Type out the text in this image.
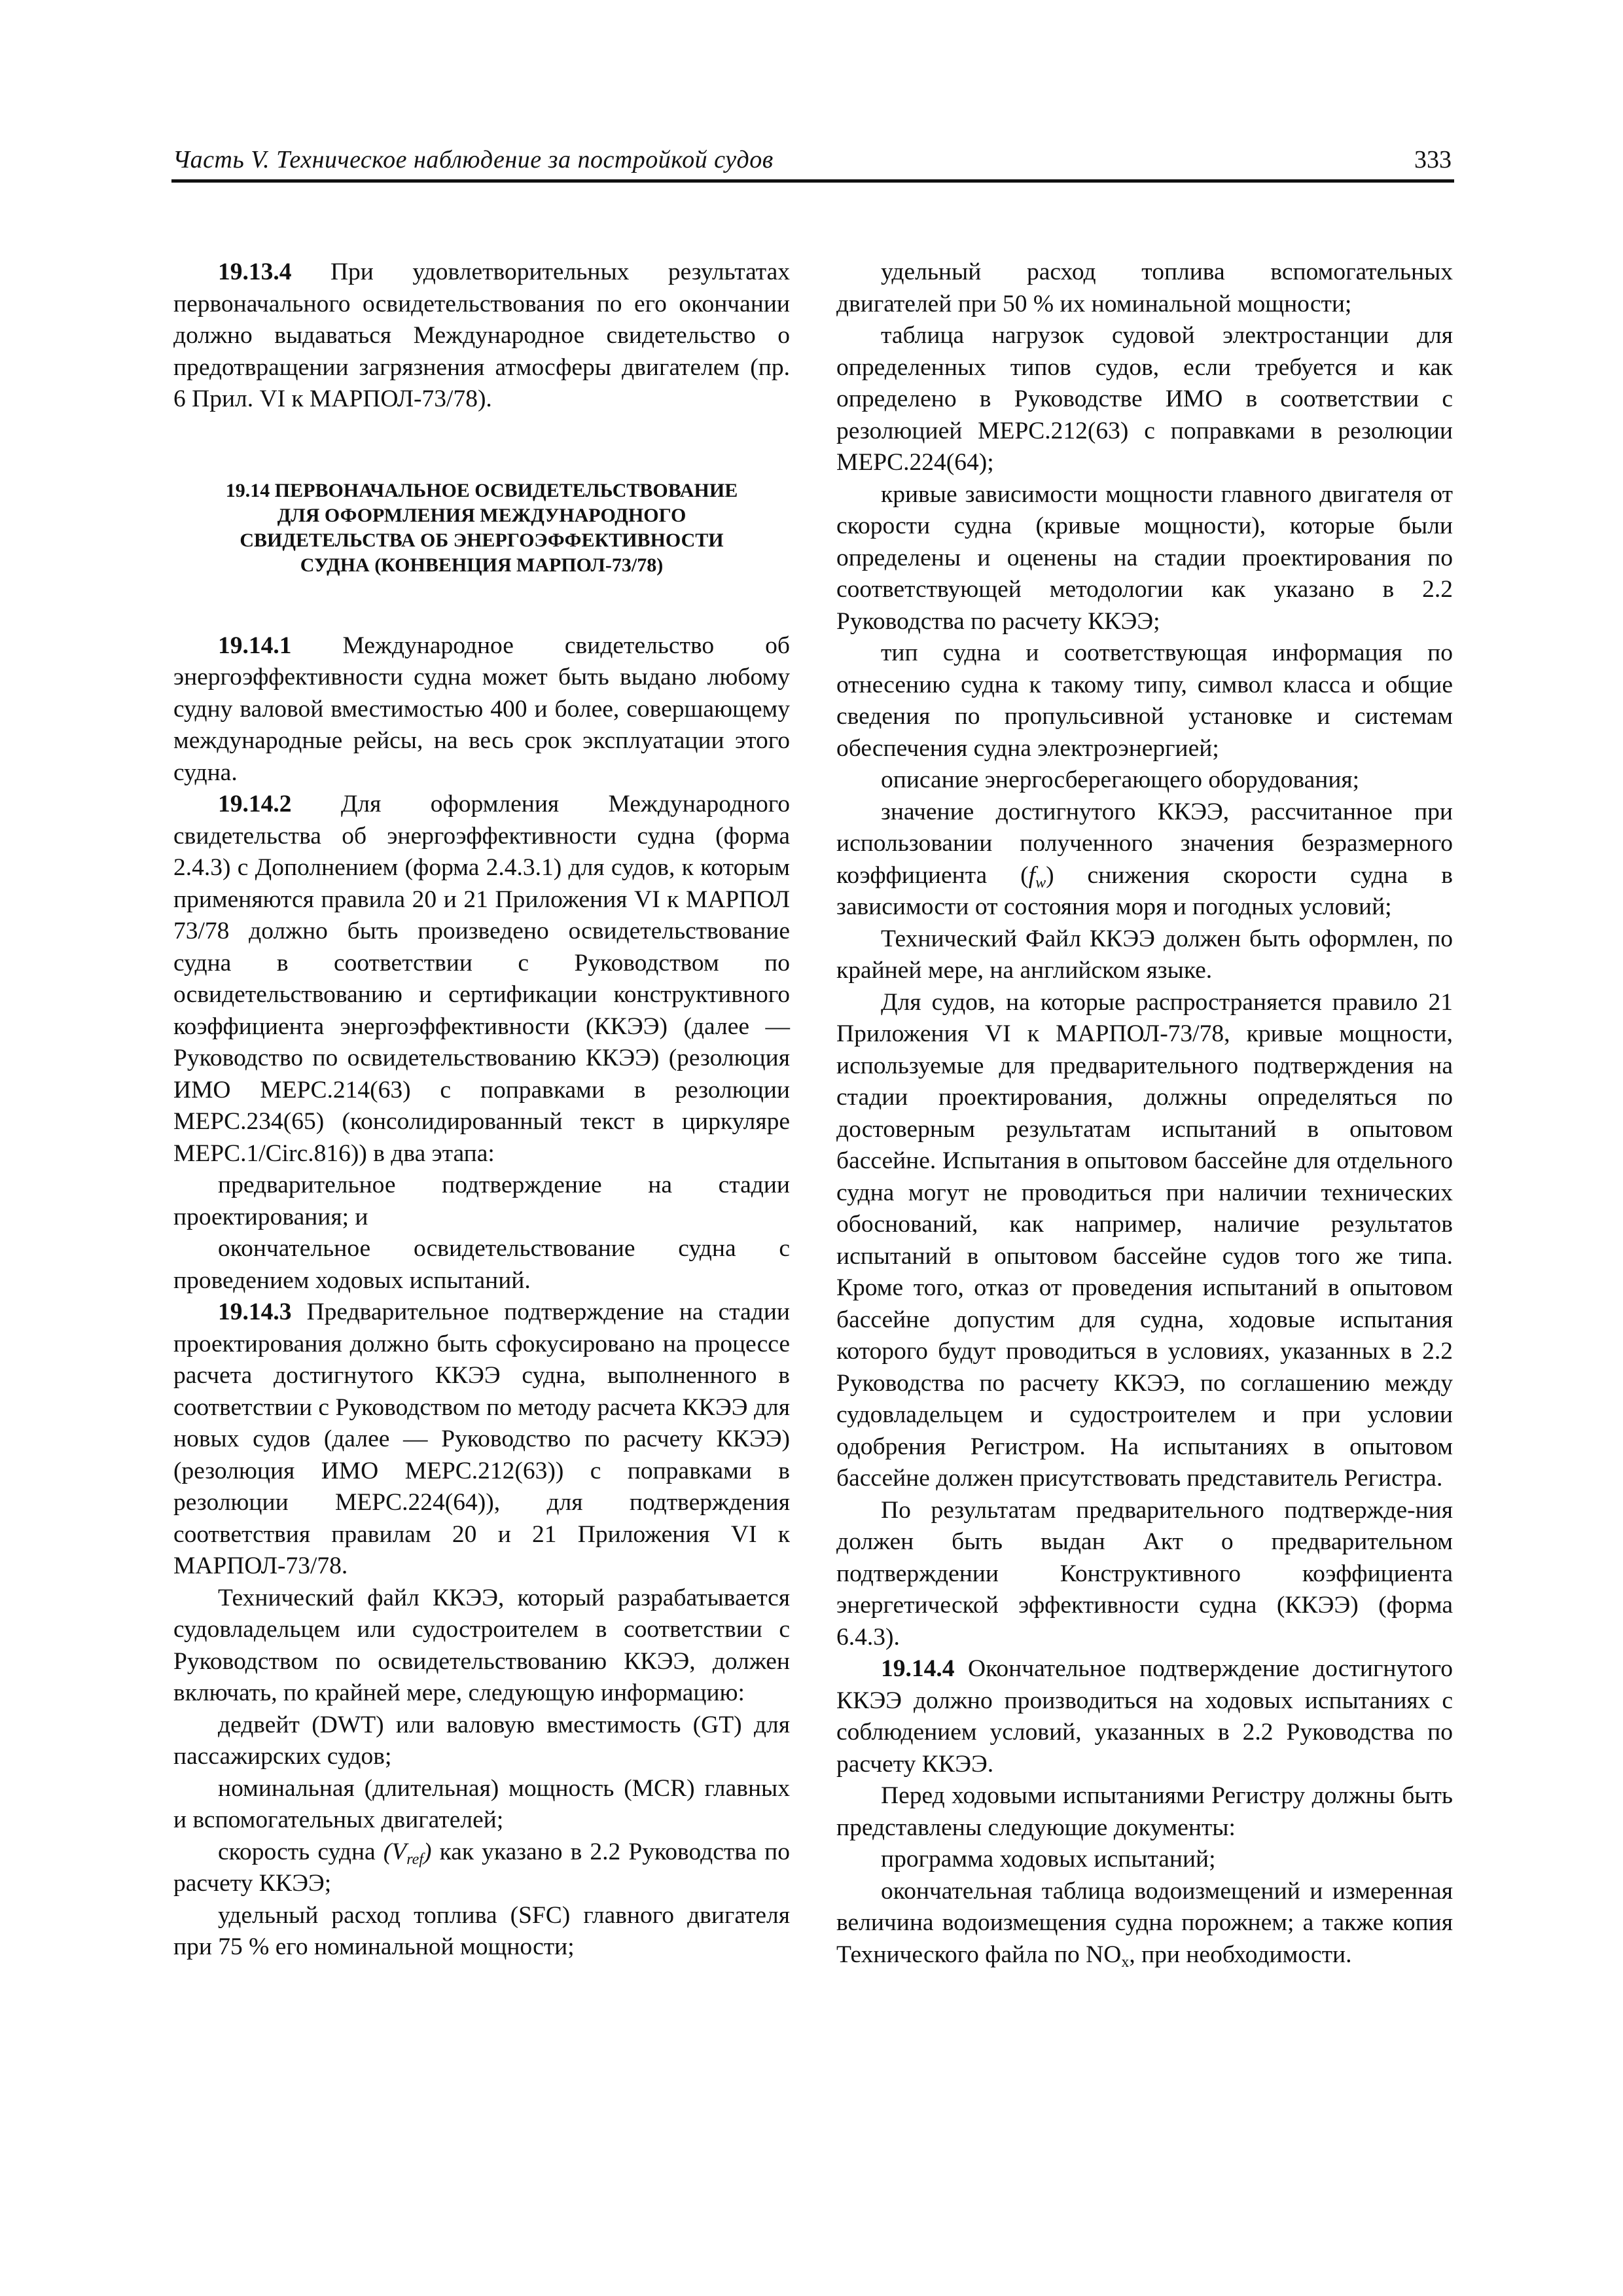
Часть V. Техническое наблюдение за постройкой судов	333

19.13.4 При удовлетворительных результатах первоначального освидетельствования по его окончании должно выдаваться Международное свидетельство о предотвращении загрязнения атмосферы двигателем (пр. 6 Прил. VI к МАРПОЛ-73/78).

19.14 ПЕРВОНАЧАЛЬНОЕ ОСВИДЕТЕЛЬСТВОВАНИЕ
ДЛЯ ОФОРМЛЕНИЯ МЕЖДУНАРОДНОГО
СВИДЕТЕЛЬСТВА ОБ ЭНЕРГОЭФФЕКТИВНОСТИ
СУДНА (КОНВЕНЦИЯ МАРПОЛ-73/78)

19.14.1 Международное свидетельство об энергоэффективности судна может быть выдано любому судну валовой вместимостью 400 и более, совершающему международные рейсы, на весь срок эксплуатации этого судна.

19.14.2 Для оформления Международного свидетельства об энергоэффективности судна (форма 2.4.3) с Дополнением (форма 2.4.3.1) для судов, к которым применяются правила 20 и 21 Приложения VI к МАРПОЛ 73/78 должно быть произведено освидетельствование судна в соответствии с Руководством по освидетельствованию и сертификации конструктивного коэффициента энергоэффективности (ККЭЭ) (далее — Руководство по освидетельствованию ККЭЭ) (резолюция ИМО MEPC.214(63) с поправками в резолюции MEPC.234(65) (консолидированный текст в циркуляре MEPC.1/Circ.816)) в два этапа:

предварительное подтверждение на стадии проектирования; и

окончательное освидетельствование судна с проведением ходовых испытаний.

19.14.3 Предварительное подтверждение на стадии проектирования должно быть сфокусировано на процессе расчета достигнутого ККЭЭ судна, выполненного в соответствии с Руководством по методу расчета ККЭЭ для новых судов (далее — Руководство по расчету ККЭЭ) (резолюция ИМО MEPC.212(63)) с поправками в резолюции MEPC.224(64)), для подтверждения соответствия правилам 20 и 21 Приложения VI к МАРПОЛ-73/78.

Технический файл ККЭЭ, который разрабатывается судовладельцем или судостроителем в соответствии с Руководством по освидетельствованию ККЭЭ, должен включать, по крайней мере, следующую информацию:

дедвейт (DWT) или валовую вместимость (GT) для пассажирских судов;

номинальная (длительная) мощность (MCR) главных и вспомогательных двигателей;

скорость судна $(V_{ref})$ как указано в 2.2 Руководства по расчету ККЭЭ;

удельный расход топлива (SFC) главного двигателя при 75 % его номинальной мощности;

удельный расход топлива вспомогательных двигателей при 50 % их номинальной мощности;

таблица нагрузок судовой электростанции для определенных типов судов, если требуется и как определено в Руководстве ИМО в соответствии с резолюцией MEPC.212(63) с поправками в резолюции MEPC.224(64);

кривые зависимости мощности главного двигателя от скорости судна (кривые мощности), которые были определены и оценены на стадии проектирования по соответствующей методологии как указано в 2.2 Руководства по расчету ККЭЭ;

тип судна и соответствующая информация по отнесению судна к такому типу, символ класса и общие сведения по пропульсивной установке и системам обеспечения судна электроэнергией;

описание энергосберегающего оборудования;

значение достигнутого ККЭЭ, рассчитанное при использовании полученного значения безразмерного коэффициента $(f_w)$ снижения скорости судна в зависимости от состояния моря и погодных условий;

Технический Файл ККЭЭ должен быть оформлен, по крайней мере, на английском языке.

Для судов, на которые распространяется правило 21 Приложения VI к МАРПОЛ-73/78, кривые мощности, используемые для предварительного подтверждения на стадии проектирования, должны определяться по достоверным результатам испытаний в опытовом бассейне. Испытания в опытовом бассейне для отдельного судна могут не проводиться при наличии технических обоснований, как например, наличие результатов испытаний в опытовом бассейне судов того же типа. Кроме того, отказ от проведения испытаний в опытовом бассейне допустим для судна, ходовые испытания которого будут проводиться в условиях, указанных в 2.2 Руководства по расчету ККЭЭ, по соглашению между судовладельцем и судостроителем и при условии одобрения Регистром. На испытаниях в опытовом бассейне должен присутствовать представитель Регистра.

По результатам предварительного подтвержде-ния должен быть выдан Акт о предварительном подтверждении Конструктивного коэффициента энергетической эффективности судна (ККЭЭ) (форма 6.4.3).

19.14.4 Окончательное подтверждение достигнутого ККЭЭ должно производиться на ходовых испытаниях с соблюдением условий, указанных в 2.2 Руководства по расчету ККЭЭ.

Перед ходовыми испытаниями Регистру должны быть представлены следующие документы:

программа ходовых испытаний;

окончательная таблица водоизмещений и измеренная величина водоизмещения судна порожнем; а также копия Технического файла по $NO_x$, при необходимости.
